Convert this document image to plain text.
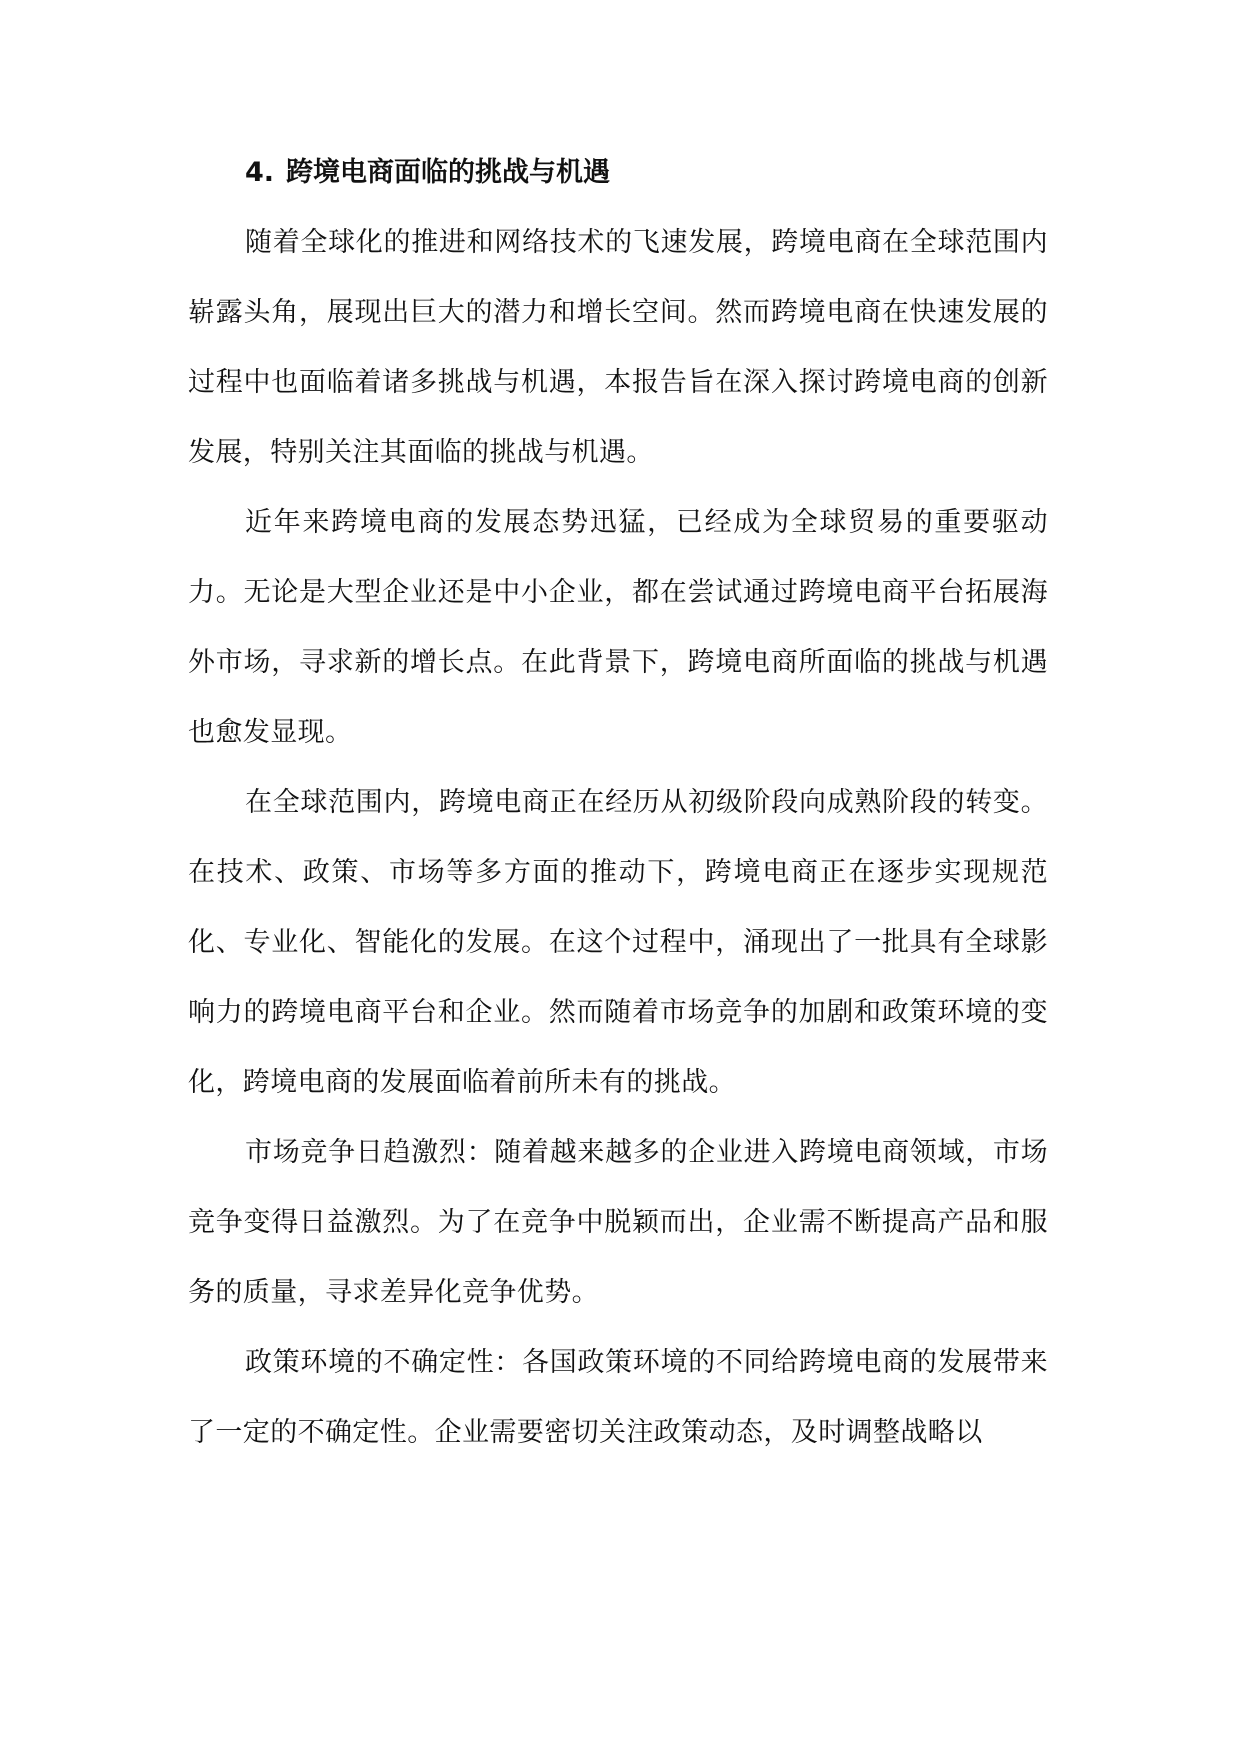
4. 跨境电商面临的挑战与机遇

随着全球化的推进和网络技术的飞速发展，跨境电商在全球范围内崭露头角，展现出巨大的潜力和增长空间。然而跨境电商在快速发展的过程中也面临着诸多挑战与机遇，本报告旨在深入探讨跨境电商的创新发展，特别关注其面临的挑战与机遇。

近年来跨境电商的发展态势迅猛，已经成为全球贸易的重要驱动力。无论是大型企业还是中小企业，都在尝试通过跨境电商平台拓展海外市场，寻求新的增长点。在此背景下，跨境电商所面临的挑战与机遇也愈发显现。

在全球范围内，跨境电商正在经历从初级阶段向成熟阶段的转变。在技术、政策、市场等多方面的推动下，跨境电商正在逐步实现规范化、专业化、智能化的发展。在这个过程中，涌现出了一批具有全球影响力的跨境电商平台和企业。然而随着市场竞争的加剧和政策环境的变化，跨境电商的发展面临着前所未有的挑战。

市场竞争日趋激烈：随着越来越多的企业进入跨境电商领域，市场竞争变得日益激烈。为了在竞争中脱颖而出，企业需不断提高产品和服务的质量，寻求差异化竞争优势。

政策环境的不确定性：各国政策环境的不同给跨境电商的发展带来了一定的不确定性。企业需要密切关注政策动态，及时调整战略以
